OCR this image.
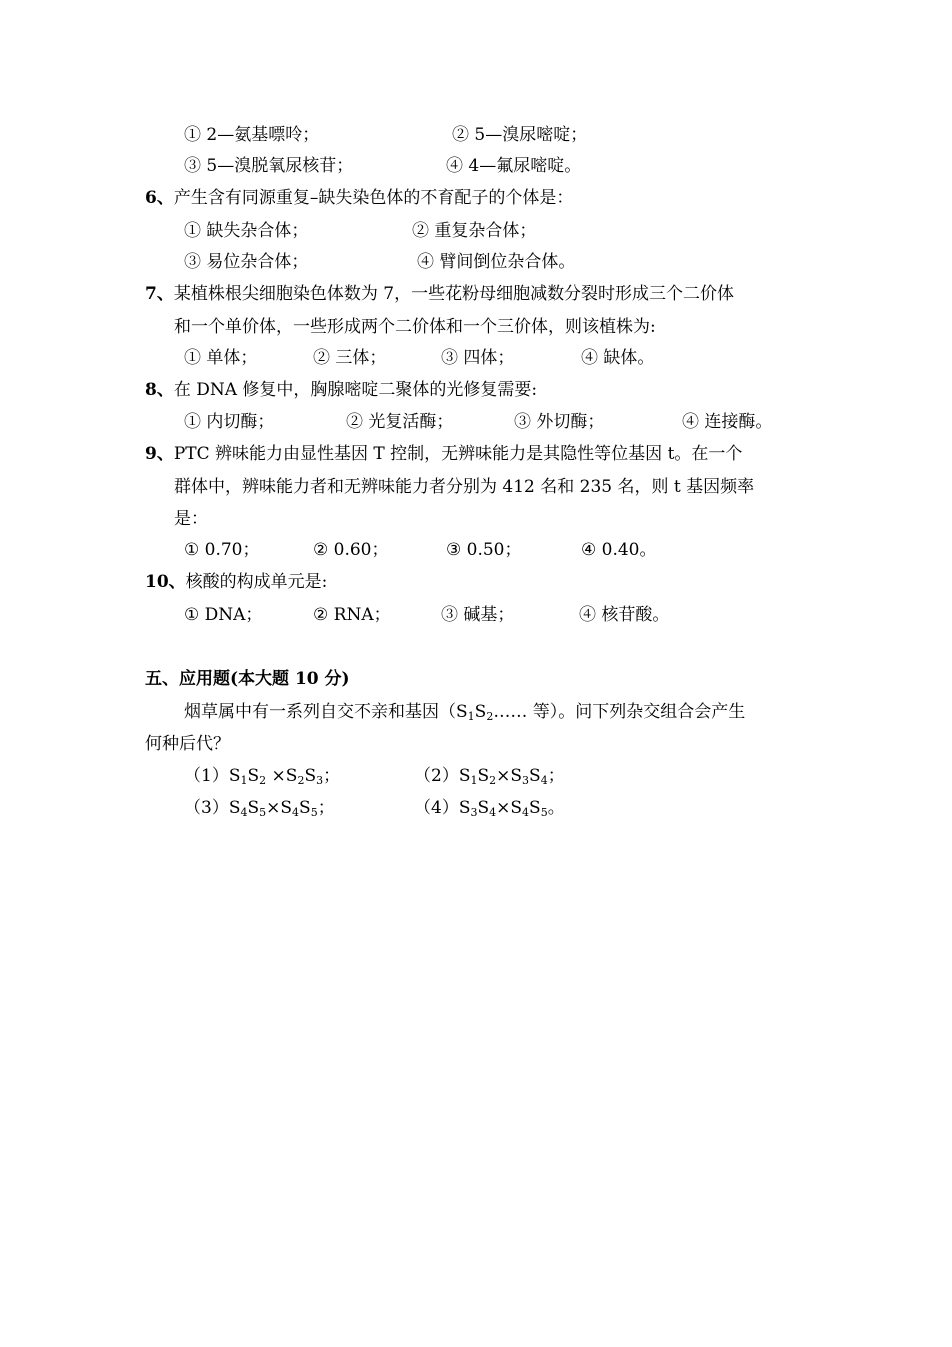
① 2—氨基嘌呤；	② 5—溴尿嘧啶；
③ 5—溴脱氧尿核苷；	④ 4—氟尿嘧啶。
6、产生含有同源重复–缺失染色体的不育配子的个体是：
① 缺失杂合体；	② 重复杂合体；
③ 易位杂合体；	④ 臂间倒位杂合体。
7、某植株根尖细胞染色体数为 7，一些花粉母细胞减数分裂时形成三个二价体
和一个单价体，一些形成两个二价体和一个三价体，则该植株为:
① 单体；	② 三体；	③ 四体；	④ 缺体。
8、在 DNA 修复中，胸腺嘧啶二聚体的光修复需要:
① 内切酶；	② 光复活酶；	③ 外切酶；	④ 连接酶。
9、PTC 辨味能力由显性基因 T 控制，无辨味能力是其隐性等位基因 t。在一个
群体中，辨味能力者和无辨味能力者分别为 412 名和 235 名，则 t 基因频率
是：
① 0.70；	② 0.60；	③ 0.50；	④ 0.40。
10、核酸的构成单元是:
① DNA；	② RNA；	③ 碱基；	④ 核苷酸。
五、应用题(本大题 10 分)
烟草属中有一系列自交不亲和基因（$S_1S_2\dots\dots$ 等）。问下列杂交组合会产生
何种后代？
$(1)S_1S_2 \times S_2S_3$；	$(2)S_1S_2\times S_3S_4$；
$(3)S_4S_5\times S_4S_5$；	$(4)S_3S_4\times S_4S_5$。
